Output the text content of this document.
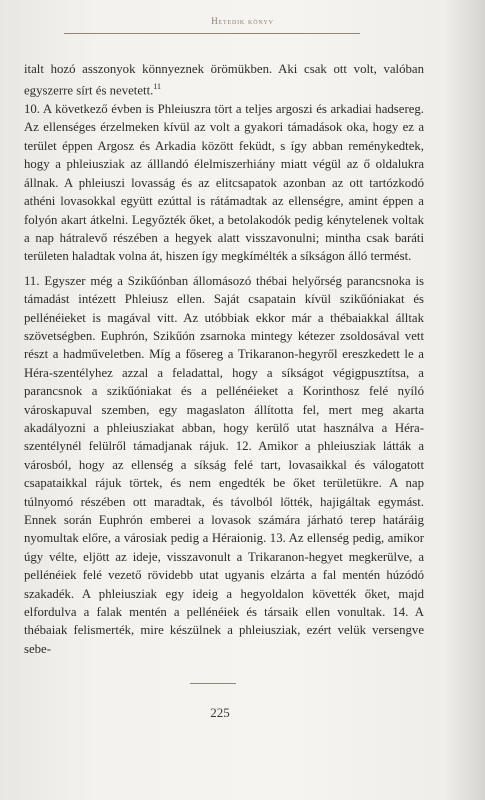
Hetedik könyv

italt hozó asszonyok könnyeznek örömükben. Aki csak ott volt, valóban egyszerre sírt és nevetett.$^{11}$

10. A következő évben is Phleiuszra tört a teljes argoszi és arkadiai hadsereg. Az ellenséges érzelmeken kívül az volt a gyakori támadások oka, hogy ez a terület éppen Argosz és Arkadia között feküdt, s így abban reménykedtek, hogy a phleiusziak az álllandó élelmiszerhiány miatt végül az ő oldalukra állnak. A phleiuszi lovasság és az elitcsapatok azonban az ott tartózkodó athéni lovasokkal együtt ezúttal is rátámadtak az ellenségre, amint éppen a folyón akart átkelni. Legyőzték őket, a betolakodók pedig kénytelenek voltak a nap hátralevő részében a hegyek alatt visszavonulni; mintha csak baráti területen haladtak volna át, hiszen így megkímélték a síkságon álló termést.

11. Egyszer még a Szikűónban állomásozó thébai helyőrség parancsnoka is támadást intézett Phleiusz ellen. Saját csapatain kívül szikűóniakat és pellénéieket is magával vitt. Az utóbbiak ekkor már a thébaiakkal álltak szövetségben. Euphrón, Szikűón zsarnoka mintegy kétezer zsoldosával vett részt a hadműveletben. Míg a fősereg a Trikaranon-hegyről ereszkedett le a Héra-szentélyhez azzal a feladattal, hogy a síkságot végigpusztítsa, a parancsnok a szikűóniakat és a pellénéieket a Korinthosz felé nyíló városkapuval szemben, egy magaslaton állította fel, mert meg akarta akadályozni a phleiusziakat abban, hogy kerülő utat használva a Héra-szentélynél felülről támadjanak rájuk. 12. Amikor a phleiusziak látták a városból, hogy az ellenség a síkság felé tart, lovasaikkal és válogatott csapataikkal rájuk törtek, és nem engedték be őket területükre. A nap túlnyomó részében ott maradtak, és távolból lőtték, hajigáltak egymást. Ennek során Euphrón emberei a lovasok számára járható terep határáig nyomultak előre, a városiak pedig a Héraionig. 13. Az ellenség pedig, amikor úgy vélte, eljött az ideje, visszavonult a Trikaranon-hegyet megkerülve, a pellénéiek felé vezető rövidebb utat ugyanis elzárta a fal mentén húzódó szakadék. A phleiusziak egy ideig a hegyoldalon követték őket, majd elfordulva a falak mentén a pellénéiek és társaik ellen vonultak. 14. A thébaiak felismerték, mire készülnek a phleiusziak, ezért velük versengve sebe-

225
